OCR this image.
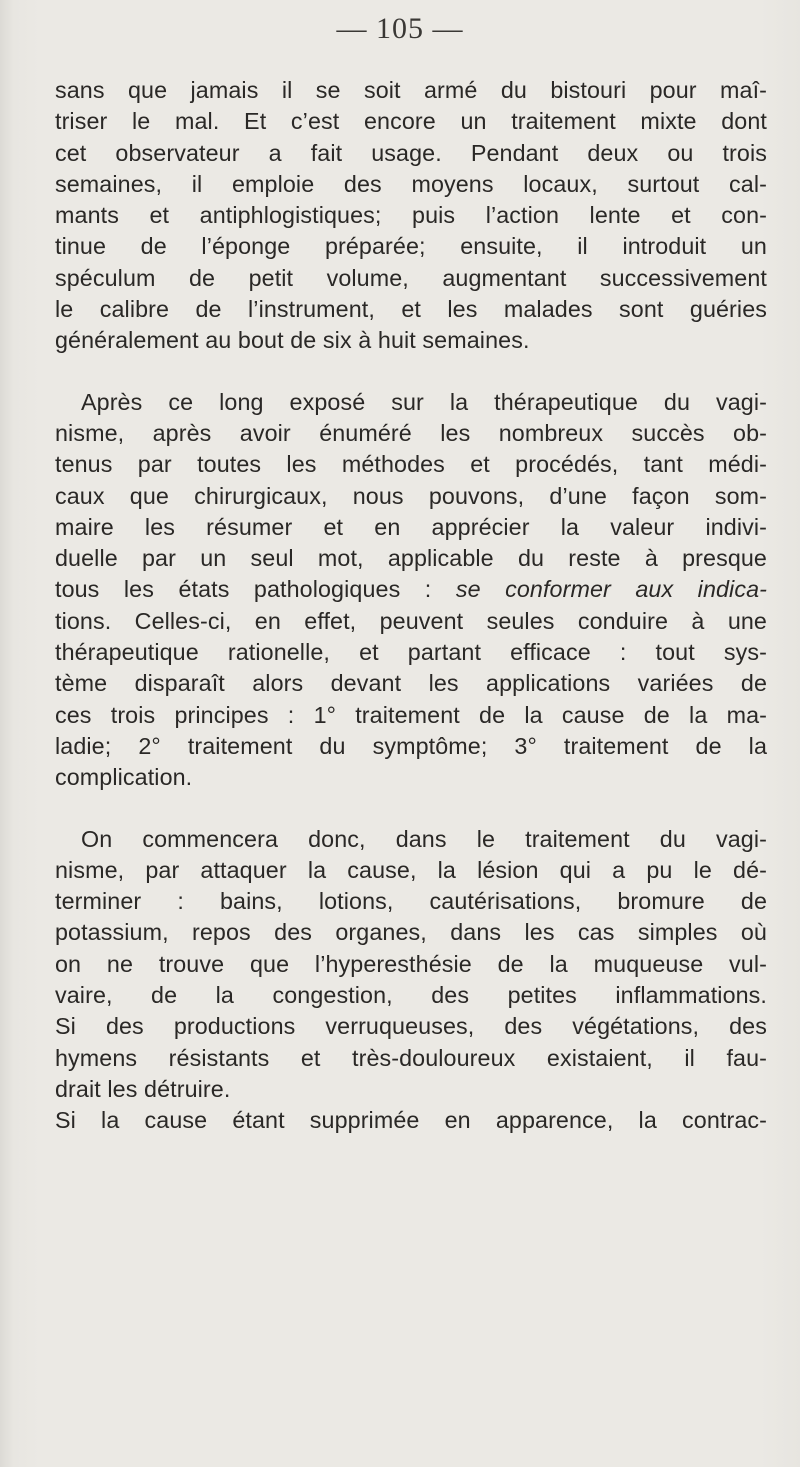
— 105 —

sans que jamais il se soit armé du bistouri pour maî-
triser le mal. Et c’est encore un traitement mixte dont
cet observateur a fait usage. Pendant deux ou trois
semaines, il emploie des moyens locaux, surtout cal-
mants et antiphlogistiques; puis l’action lente et con-
tinue de l’éponge préparée; ensuite, il introduit un
spéculum de petit volume, augmentant successivement
le calibre de l’instrument, et les malades sont guéries
généralement au bout de six à huit semaines.

Après ce long exposé sur la thérapeutique du vagi-
nisme, après avoir énuméré les nombreux succès ob-
tenus par toutes les méthodes et procédés, tant médi-
caux que chirurgicaux, nous pouvons, d’une façon som-
maire les résumer et en apprécier la valeur indivi-
duelle par un seul mot, applicable du reste à presque
tous les états pathologiques : se conformer aux indica-
tions. Celles-ci, en effet, peuvent seules conduire à une
thérapeutique rationelle, et partant efficace : tout sys-
tème disparaît alors devant les applications variées de
ces trois principes : 1° traitement de la cause de la ma-
ladie; 2° traitement du symptôme; 3° traitement de la
complication.

On commencera donc, dans le traitement du vagi-
nisme, par attaquer la cause, la lésion qui a pu le dé-
terminer : bains, lotions, cautérisations, bromure de
potassium, repos des organes, dans les cas simples où
on ne trouve que l’hyperesthésie de la muqueuse vul-
vaire, de la congestion, des petites inflammations.
Si des productions verruqueuses, des végétations, des
hymens résistants et très-douloureux existaient, il fau-
drait les détruire.

Si la cause étant supprimée en apparence, la contrac-
